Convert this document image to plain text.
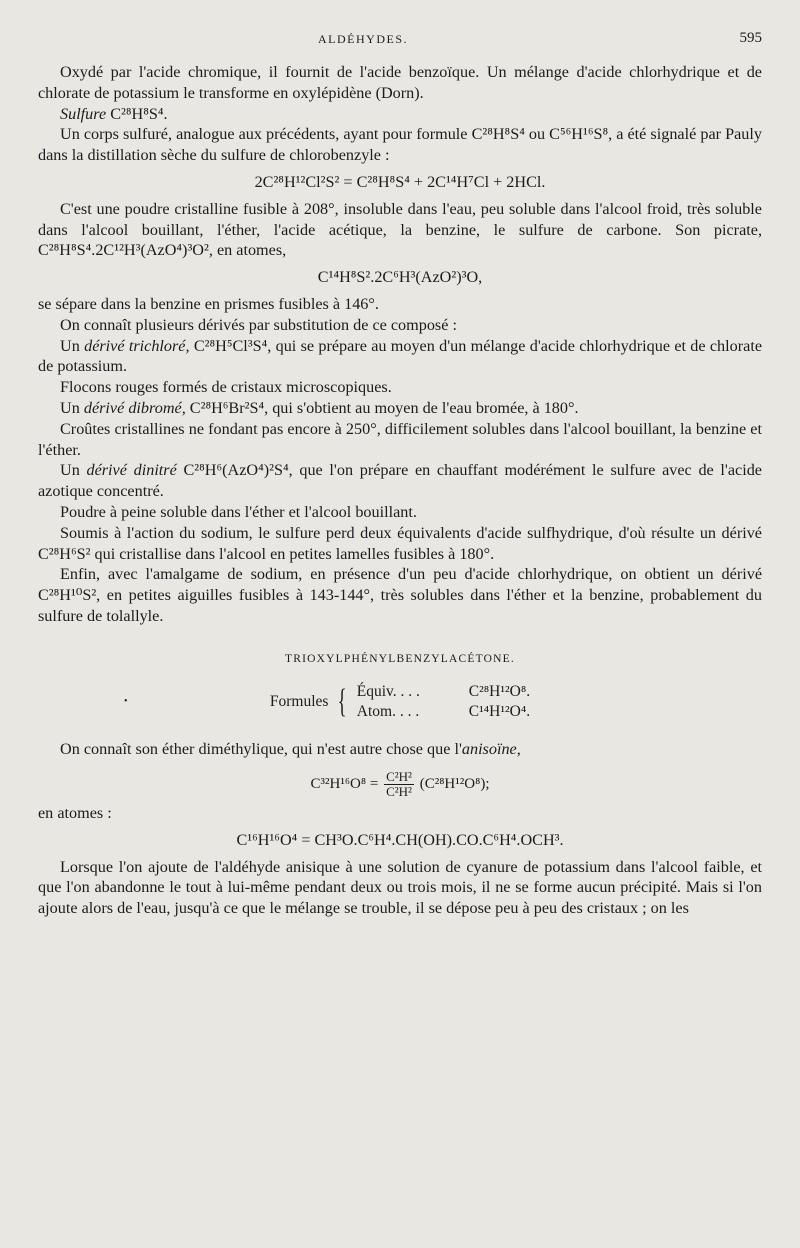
ALDÉHYDES.	595

Oxydé par l'acide chromique, il fournit de l'acide benzoïque. Un mélange d'acide chlorhydrique et de chlorate de potassium le transforme en oxylépidène (Dorn).

Sulfure C²⁸H⁸S⁴.

Un corps sulfuré, analogue aux précédents, ayant pour formule C²⁸H⁸S⁴ ou C⁵⁶H¹⁶S⁸, a été signalé par Pauly dans la distillation sèche du sulfure de chlorobenzyle :

2C²⁸H¹²Cl²S² = C²⁸H⁸S⁴ + 2C¹⁴H⁷Cl + 2HCl.

C'est une poudre cristalline fusible à 208°, insoluble dans l'eau, peu soluble dans l'alcool froid, très soluble dans l'alcool bouillant, l'éther, l'acide acétique, la benzine, le sulfure de carbone. Son picrate, C²⁸H⁸S⁴.2C¹²H³(AzO⁴)³O², en atomes,

C¹⁴H⁸S².2C⁶H³(AzO²)³O,

se sépare dans la benzine en prismes fusibles à 146°.

On connaît plusieurs dérivés par substitution de ce composé :

Un dérivé trichloré, C²⁸H⁵Cl³S⁴, qui se prépare au moyen d'un mélange d'acide chlorhydrique et de chlorate de potassium.

Flocons rouges formés de cristaux microscopiques.

Un dérivé dibromé, C²⁸H⁶Br²S⁴, qui s'obtient au moyen de l'eau bromée, à 180°.

Croûtes cristallines ne fondant pas encore à 250°, difficilement solubles dans l'alcool bouillant, la benzine et l'éther.

Un dérivé dinitré C²⁸H⁶(AzO⁴)²S⁴, que l'on prépare en chauffant modérément le sulfure avec de l'acide azotique concentré.

Poudre à peine soluble dans l'éther et l'alcool bouillant.

Soumis à l'action du sodium, le sulfure perd deux équivalents d'acide sulfhydrique, d'où résulte un dérivé C²⁸H⁶S² qui cristallise dans l'alcool en petites lamelles fusibles à 180°.

Enfin, avec l'amalgame de sodium, en présence d'un peu d'acide chlorhydrique, on obtient un dérivé C²⁸H¹⁰S², en petites aiguilles fusibles à 143-144°, très solubles dans l'éther et la benzine, probablement du sulfure de tolallyle.

TRIOXYLPHÉNYLBENZYLACÉTONE.

•	Formules { Équiv. . . .	C²⁸H¹²O⁸.
Atom. . . .	C¹⁴H¹²O⁴.

On connaît son éther diméthylique, qui n'est autre chose que l'anisoïne,

$C^{32}H^{16}O^8 = \frac{\text{C²H²}}{\text{C²H²}} (C^{28}H^{12}O^8)$;

en atomes :

C¹⁶H¹⁶O⁴ = CH³O.C⁶H⁴.CH(OH).CO.C⁶H⁴.OCH³.

Lorsque l'on ajoute de l'aldéhyde anisique à une solution de cyanure de potassium dans l'alcool faible, et que l'on abandonne le tout à lui-même pendant deux ou trois mois, il ne se forme aucun précipité. Mais si l'on ajoute alors de l'eau, jusqu'à ce que le mélange se trouble, il se dépose peu à peu des cristaux ; on les
